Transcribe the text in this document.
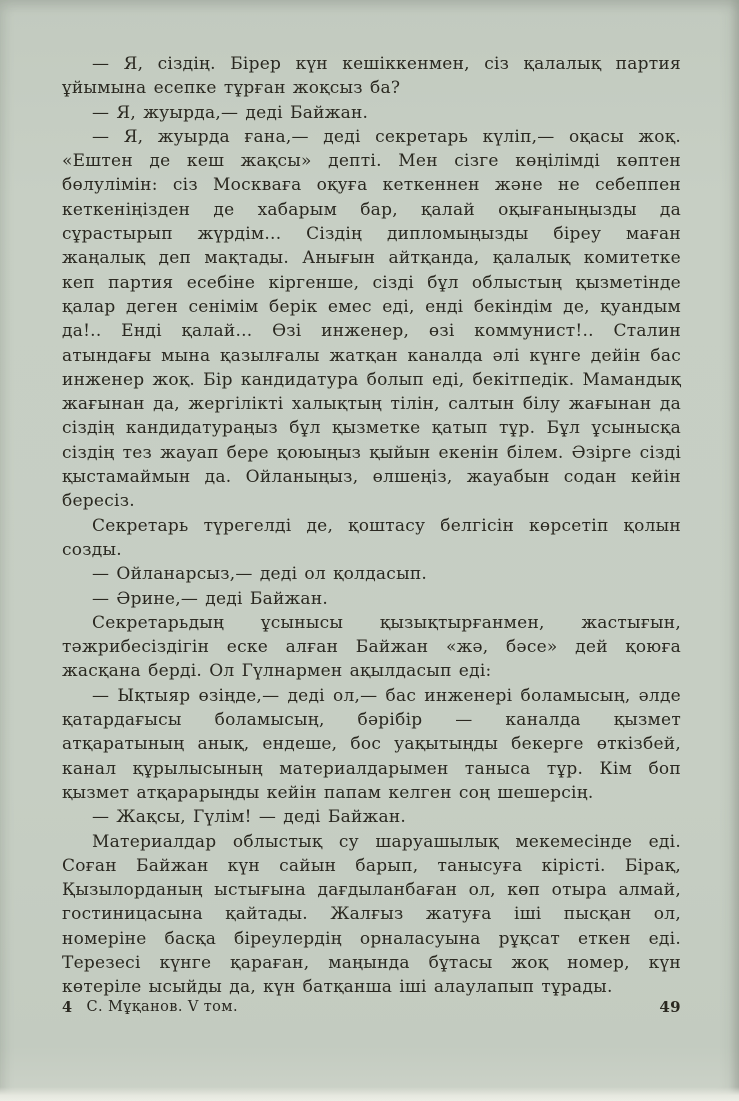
— Я, сіздің. Бірер күн кешіккенмен, сіз қалалық партия ұйымына есепке тұрған жоқсыз ба?

— Я, жуырда,— деді Байжан.

— Я, жуырда ғана,— деді секретарь күліп,— оқасы жоқ. «Ештен де кеш жақсы» депті. Мен сізге көңілімді көптен бөлулімін: сіз Москваға оқуға кеткеннен және не себеппен кеткеніңізден де хабарым бар, қалай оқығаныңызды да сұрастырып жүрдім... Сіздің дипломыңызды біреу маған жаңалық деп мақтады. Анығын айтқанда, қалалық комитетке кеп партия есебіне кіргенше, сізді бұл облыстың қызметінде қалар деген сенімім берік емес еді, енді бекіндім де, қуандым да!.. Енді қалай... Өзі инженер, өзі коммунист!.. Сталин атындағы мына қазылғалы жатқан каналда әлі күнге дейін бас инженер жоқ. Бір кандидатура болып еді, бекітпедік. Мамандық жағынан да, жергілікті халықтың тілін, салтын білу жағынан да сіздің кандидатураңыз бұл қызметке қатып тұр. Бұл ұсынысқа сіздің тез жауап бере қоюыңыз қыйын екенін білем. Әзірге сізді қыстамаймын да. Ойланыңыз, өлшеңіз, жауабын содан кейін бересіз.

Секретарь түрегелді де, қоштасу белгісін көрсетіп қолын созды.

— Ойланарсыз,— деді ол қолдасып.

— Әрине,— деді Байжан.

Секретарьдың ұсынысы қызықтырғанмен, жастығын, тәжрибесіздігін еске алған Байжан «жә, бәсе» дей қоюға жасқана берді. Ол Гүлнармен ақылдасып еді:

— Ықтыяр өзіңде,— деді ол,— бас инженері боламысың, әлде қатардағысы боламысың, бәрібір — каналда қызмет атқаратының анық, ендеше, бос уақытыңды бекерге өткізбей, канал құрылысының материалдарымен таныса тұр. Кім боп қызмет атқарарыңды кейін папам келген соң шешерсің.

— Жақсы, Гүлім! — деді Байжан.

Материалдар облыстық су шаруашылық мекемесінде еді. Соған Байжан күн сайын барып, танысуға кірісті. Бірақ, Қызылорданың ыстығына дағдыланбаған ол, көп отыра алмай, гостиницасына қайтады. Жалғыз жатуға іші пысқан ол, номеріне басқа біреулердің орналасуына рұқсат еткен еді. Терезесі күнге қараған, маңында бұтасы жоқ номер, күн көтеріле ысыйды да, күн батқанша іші алаулапып тұрады.

4 С. Мұқанов. V том.	49
